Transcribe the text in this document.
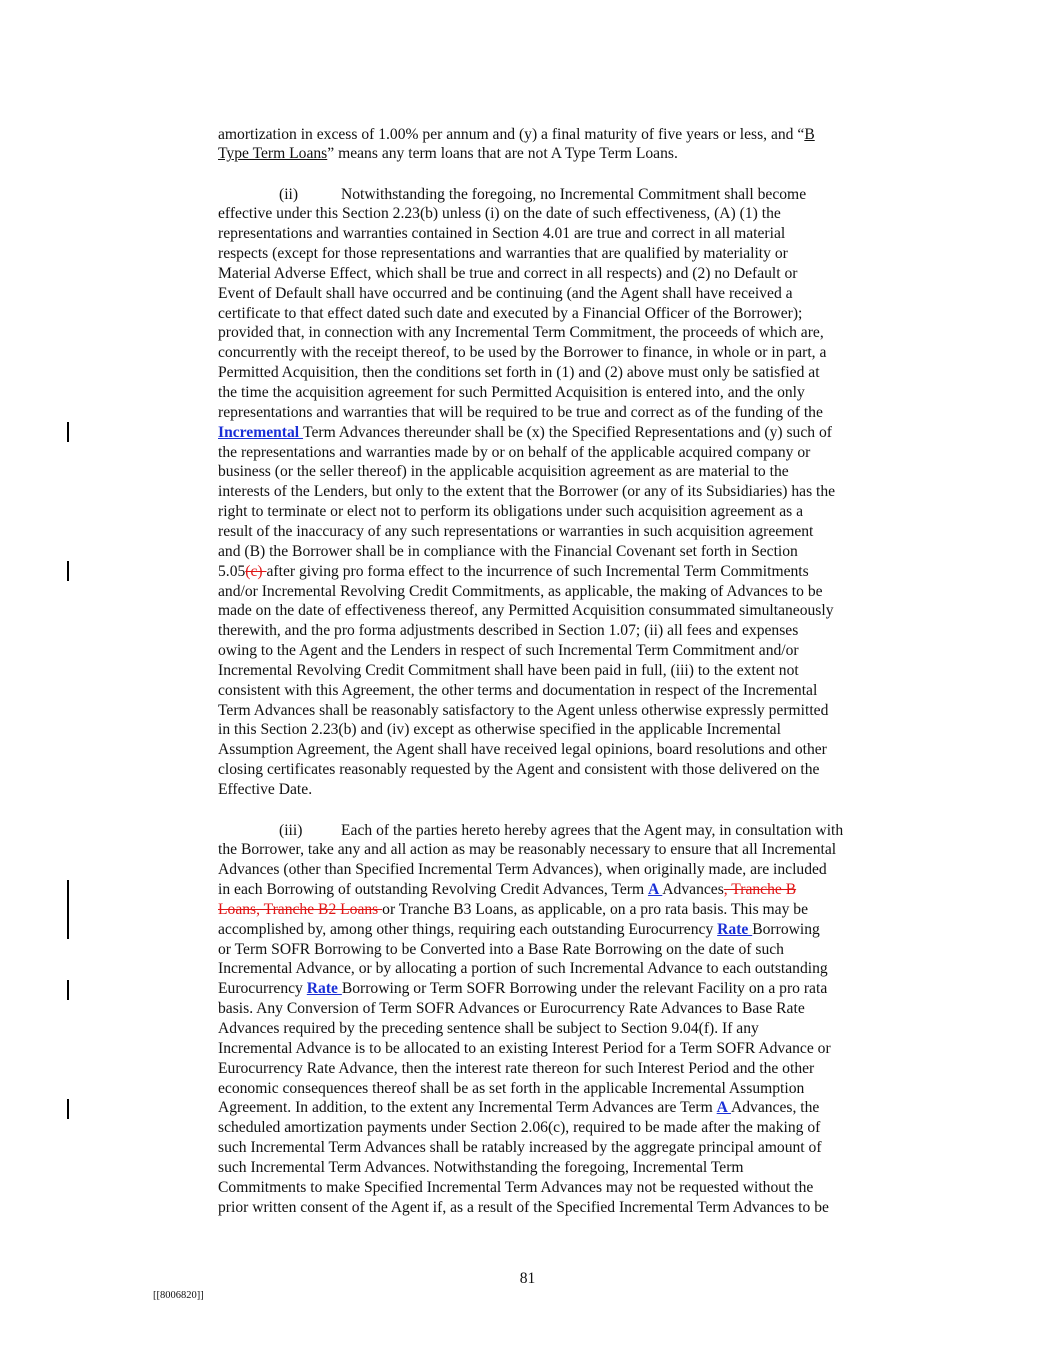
amortization in excess of 1.00% per annum and (y) a final maturity of five years or less, and “B
Type Term Loans” means any term loans that are not A Type Term Loans.
(ii)	Notwithstanding the foregoing, no Incremental Commitment shall become
effective under this Section 2.23(b) unless (i) on the date of such effectiveness, (A) (1) the
representations and warranties contained in Section 4.01 are true and correct in all material
respects (except for those representations and warranties that are qualified by materiality or
Material Adverse Effect, which shall be true and correct in all respects) and (2) no Default or
Event of Default shall have occurred and be continuing (and the Agent shall have received a
certificate to that effect dated such date and executed by a Financial Officer of the Borrower);
provided that, in connection with any Incremental Term Commitment, the proceeds of which are,
concurrently with the receipt thereof, to be used by the Borrower to finance, in whole or in part, a
Permitted Acquisition, then the conditions set forth in (1) and (2) above must only be satisfied at
the time the acquisition agreement for such Permitted Acquisition is entered into, and the only
representations and warranties that will be required to be true and correct as of the funding of the
Incremental Term Advances thereunder shall be (x) the Specified Representations and (y) such of
the representations and warranties made by or on behalf of the applicable acquired company or
business (or the seller thereof) in the applicable acquisition agreement as are material to the
interests of the Lenders, but only to the extent that the Borrower (or any of its Subsidiaries) has the
right to terminate or elect not to perform its obligations under such acquisition agreement as a
result of the inaccuracy of any such representations or warranties in such acquisition agreement
and (B) the Borrower shall be in compliance with the Financial Covenant set forth in Section
5.05(c) after giving pro forma effect to the incurrence of such Incremental Term Commitments
and/or Incremental Revolving Credit Commitments, as applicable, the making of Advances to be
made on the date of effectiveness thereof, any Permitted Acquisition consummated simultaneously
therewith, and the pro forma adjustments described in Section 1.07; (ii) all fees and expenses
owing to the Agent and the Lenders in respect of such Incremental Term Commitment and/or
Incremental Revolving Credit Commitment shall have been paid in full, (iii) to the extent not
consistent with this Agreement, the other terms and documentation in respect of the Incremental
Term Advances shall be reasonably satisfactory to the Agent unless otherwise expressly permitted
in this Section 2.23(b) and (iv) except as otherwise specified in the applicable Incremental
Assumption Agreement, the Agent shall have received legal opinions, board resolutions and other
closing certificates reasonably requested by the Agent and consistent with those delivered on the
Effective Date.
(iii) Each of the parties hereto hereby agrees that the Agent may, in consultation with
the Borrower, take any and all action as may be reasonably necessary to ensure that all Incremental
Advances (other than Specified Incremental Term Advances), when originally made, are included
in each Borrowing of outstanding Revolving Credit Advances, Term A Advances, Tranche B
Loans, Tranche B2 Loans or Tranche B3 Loans, as applicable, on a pro rata basis. This may be
accomplished by, among other things, requiring each outstanding Eurocurrency Rate Borrowing
or Term SOFR Borrowing to be Converted into a Base Rate Borrowing on the date of such
Incremental Advance, or by allocating a portion of such Incremental Advance to each outstanding
Eurocurrency Rate Borrowing or Term SOFR Borrowing under the relevant Facility on a pro rata
basis. Any Conversion of Term SOFR Advances or Eurocurrency Rate Advances to Base Rate
Advances required by the preceding sentence shall be subject to Section 9.04(f). If any
Incremental Advance is to be allocated to an existing Interest Period for a Term SOFR Advance or
Eurocurrency Rate Advance, then the interest rate thereon for such Interest Period and the other
economic consequences thereof shall be as set forth in the applicable Incremental Assumption
Agreement. In addition, to the extent any Incremental Term Advances are Term A Advances, the
scheduled amortization payments under Section 2.06(c), required to be made after the making of
such Incremental Term Advances shall be ratably increased by the aggregate principal amount of
such Incremental Term Advances. Notwithstanding the foregoing, Incremental Term
Commitments to make Specified Incremental Term Advances may not be requested without the
prior written consent of the Agent if, as a result of the Specified Incremental Term Advances to be
81
[[8006820]]
